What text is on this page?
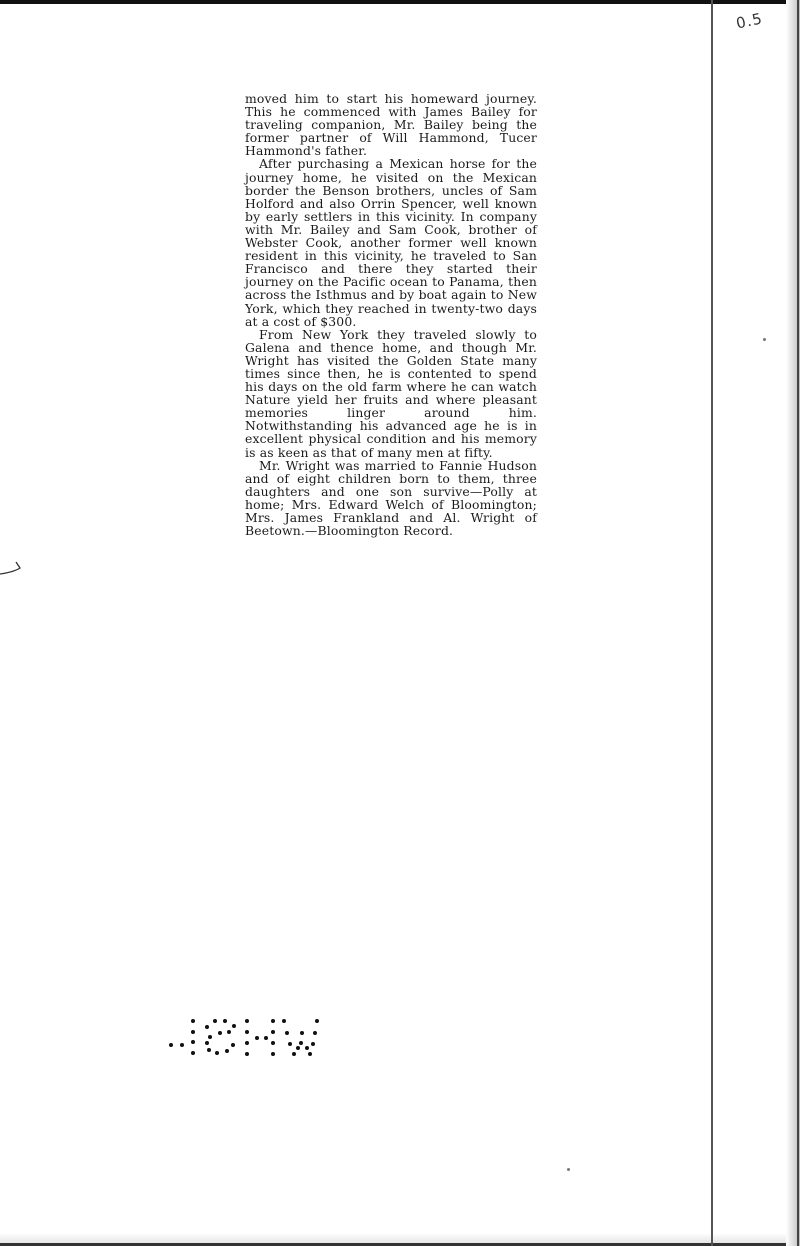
0.5

moved him to start his homeward journey. This he commenced with James Bailey for traveling companion, Mr. Bailey being the former partner of Will Hammond, Tucer Hammond's father.

After purchasing a Mexican horse for the journey home, he visited on the Mexican border the Benson brothers, uncles of Sam Holford and also Orrin Spencer, well known by early settlers in this vicinity. In company with Mr. Bailey and Sam Cook, brother of Webster Cook, another former well known resident in this vicinity, he traveled to San Francisco and there they started their journey on the Pacific ocean to Panama, then across the Isthmus and by boat again to New York, which they reached in twenty-two days at a cost of $300.

From New York they traveled slowly to Galena and thence home, and though Mr. Wright has visited the Golden State many times since then, he is contented to spend his days on the old farm where he can watch Nature yield her fruits and where pleasant memories linger around him. Notwithstanding his advanced age he is in excellent physical condition and his memory is as keen as that of many men at fifty.

Mr. Wright was married to Fannie Hudson and of eight children born to them, three daughters and one son survive—Polly at home; Mrs. Edward Welch of Bloomington; Mrs. James Frankland and Al. Wright of Beetown.—Bloomington Record.
